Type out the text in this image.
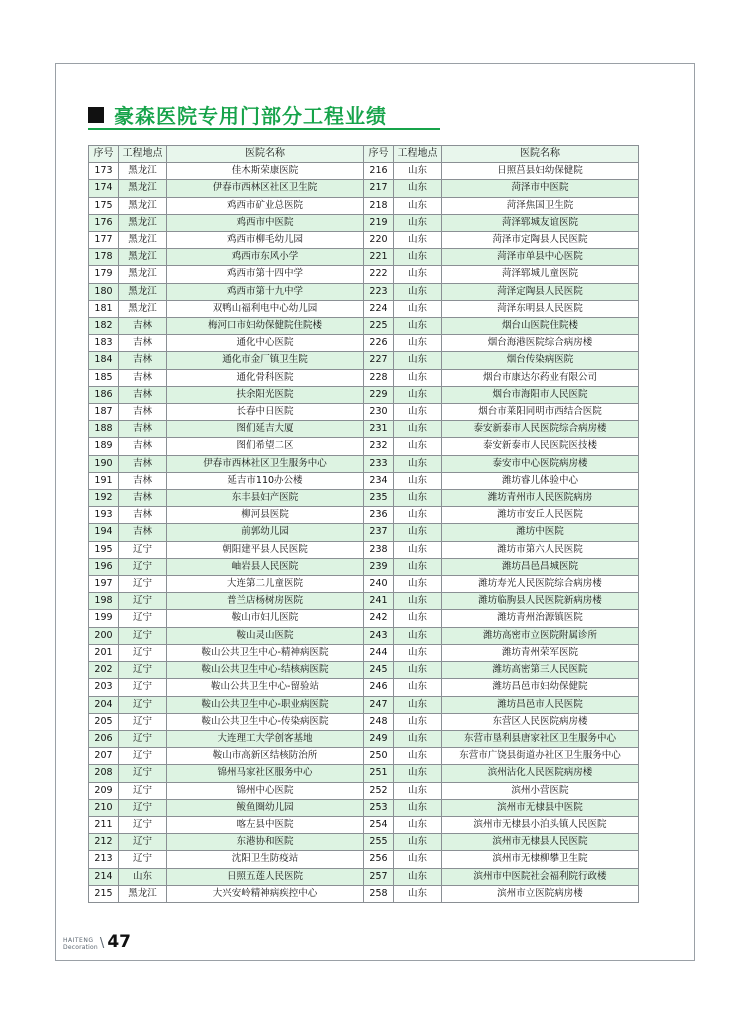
豪森医院专用门部分工程业绩
序号	工程地点	医院名称	序号	工程地点	医院名称
173	黑龙江	佳木斯荣康医院	216	山东	日照莒县妇幼保健院
174	黑龙江	伊春市西林区社区卫生院	217	山东	菏泽市中医院
175	黑龙江	鸡西市矿业总医院	218	山东	菏泽焦国卫生院
176	黑龙江	鸡西市中医院	219	山东	菏泽郓城友谊医院
177	黑龙江	鸡西市柳毛幼儿园	220	山东	菏泽市定陶县人民医院
178	黑龙江	鸡西市东风小学	221	山东	菏泽市单县中心医院
179	黑龙江	鸡西市第十四中学	222	山东	菏泽郓城儿童医院
180	黑龙江	鸡西市第十九中学	223	山东	菏泽定陶县人民医院
181	黑龙江	双鸭山福利电中心幼儿园	224	山东	菏泽东明县人民医院
182	吉林	梅河口市妇幼保健院住院楼	225	山东	烟台山医院住院楼
183	吉林	通化中心医院	226	山东	烟台海港医院综合病房楼
184	吉林	通化市金厂镇卫生院	227	山东	烟台传染病医院
185	吉林	通化骨科医院	228	山东	烟台市康达尔药业有限公司
186	吉林	扶余阳光医院	229	山东	烟台市海阳市人民医院
187	吉林	长春中日医院	230	山东	烟台市莱阳同明市西结合医院
188	吉林	图们延吉大厦	231	山东	泰安新泰市人民医院综合病房楼
189	吉林	图们希望二区	232	山东	泰安新泰市人民医院医技楼
190	吉林	伊春市西林社区卫生服务中心	233	山东	泰安市中心医院病房楼
191	吉林	延吉市110办公楼	234	山东	潍坊睿儿体验中心
192	吉林	东丰县妇产医院	235	山东	潍坊青州市人民医院病房
193	吉林	柳河县医院	236	山东	潍坊市安丘人民医院
194	吉林	前郭幼儿园	237	山东	潍坊中医院
195	辽宁	朝阳建平县人民医院	238	山东	潍坊市第六人民医院
196	辽宁	岫岩县人民医院	239	山东	潍坊昌邑昌城医院
197	辽宁	大连第二儿童医院	240	山东	潍坊寿光人民医院综合病房楼
198	辽宁	普兰店杨树房医院	241	山东	潍坊临朐县人民医院新病房楼
199	辽宁	鞍山市妇儿医院	242	山东	潍坊青州治源镇医院
200	辽宁	鞍山灵山医院	243	山东	潍坊高密市立医院附属诊所
201	辽宁	鞍山公共卫生中心-精神病医院	244	山东	潍坊青州荣军医院
202	辽宁	鞍山公共卫生中心-结核病医院	245	山东	潍坊高密第三人民医院
203	辽宁	鞍山公共卫生中心-留验站	246	山东	潍坊昌邑市妇幼保健院
204	辽宁	鞍山公共卫生中心-职业病医院	247	山东	潍坊昌邑市人民医院
205	辽宁	鞍山公共卫生中心-传染病医院	248	山东	东营区人民医院病房楼
206	辽宁	大连理工大学创客基地	249	山东	东营市垦利县唐家社区卫生服务中心
207	辽宁	鞍山市高新区结核防治所	250	山东	东营市广饶县街道办社区卫生服务中心
208	辽宁	锦州马家社区服务中心	251	山东	滨州沾化人民医院病房楼
209	辽宁	锦州中心医院	252	山东	滨州小营医院
210	辽宁	鲅鱼圈幼儿园	253	山东	滨州市无棣县中医院
211	辽宁	喀左县中医院	254	山东	滨州市无棣县小泊头镇人民医院
212	辽宁	东港协和医院	255	山东	滨州市无棣县人民医院
213	辽宁	沈阳卫生防疫站	256	山东	滨州市无棣柳攀卫生院
214	山东	日照五莲人民医院	257	山东	滨州市中医院社会福利院行政楼
215	黑龙江	大兴安岭精神病疾控中心	258	山东	滨州市立医院病房楼
HAITENG
Decoration \ 47
